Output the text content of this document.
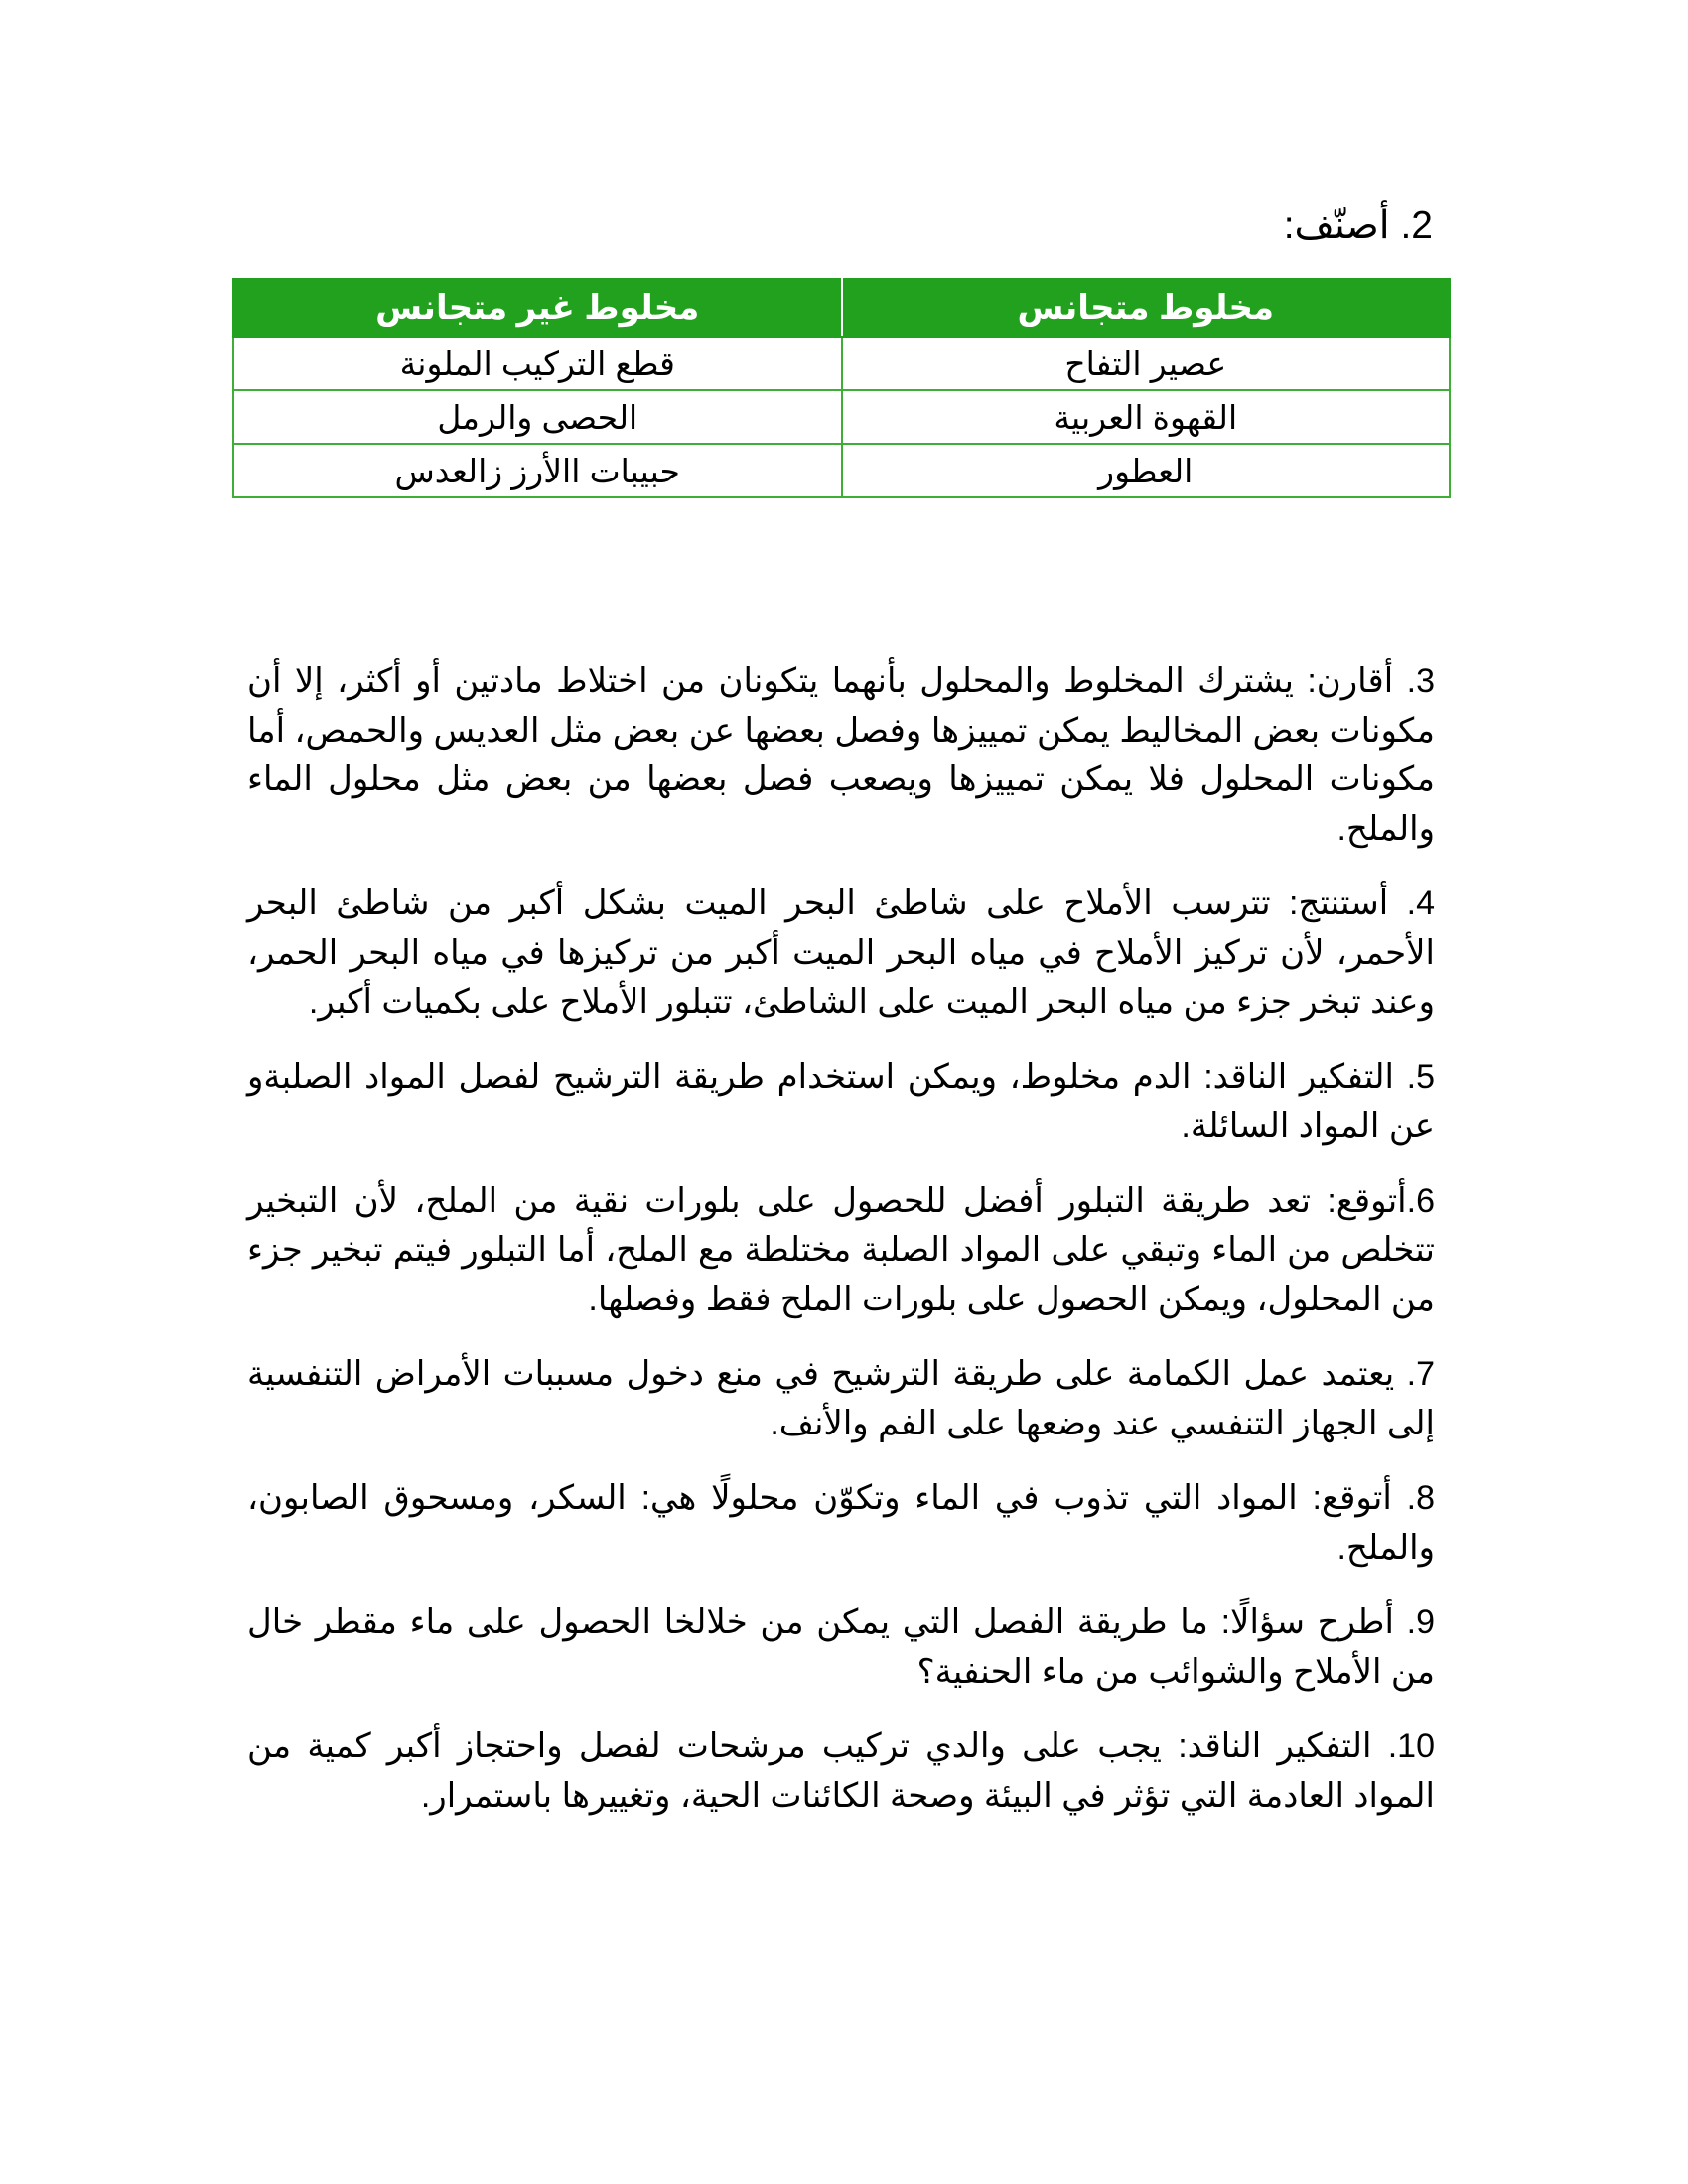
2. أصنّف:
مخلوط متجانس	مخلوط غير متجانس
عصير التفاح	قطع التركيب الملونة
القهوة العربية	الحصى والرمل
العطور	حبيبات االأرز زالعدس

3. أقارن: يشترك المخلوط والمحلول بأنهما يتكونان من اختلاط مادتين أو أكثر، إلا أن مكونات بعض المخاليط يمكن تمييزها وفصل بعضها عن بعض مثل العديس والحمص، أما مكونات المحلول فلا يمكن تمييزها ويصعب فصل بعضها من بعض مثل محلول الماء والملح.

4. أستنتج: تترسب الأملاح على شاطئ البحر الميت بشكل أكبر من شاطئ البحر الأحمر، لأن تركيز الأملاح في مياه البحر الميت أكبر من تركيزها في مياه البحر الحمر، وعند تبخر جزء من مياه البحر الميت على الشاطئ، تتبلور الأملاح على بكميات أكبر.

5. التفكير الناقد: الدم مخلوط، ويمكن استخدام طريقة الترشيح لفصل المواد الصلبةو عن المواد السائلة.

6.أتوقع: تعد طريقة التبلور أفضل للحصول على بلورات نقية من الملح، لأن التبخير تتخلص من الماء وتبقي على المواد الصلبة مختلطة مع الملح، أما التبلور فيتم تبخير جزء من المحلول، ويمكن الحصول على بلورات الملح فقط وفصلها.

7. يعتمد عمل الكمامة على طريقة الترشيح في منع دخول مسببات الأمراض التنفسية إلى الجهاز التنفسي عند وضعها على الفم والأنف.

8. أتوقع: المواد التي تذوب في الماء وتكوّن محلولًا هي: السكر، ومسحوق الصابون، والملح.

9. أطرح سؤالًا: ما طريقة الفصل التي يمكن من خلالخا الحصول على ماء مقطر خال من الأملاح والشوائب من ماء الحنفية؟

10. التفكير الناقد: يجب على والدي تركيب مرشحات لفصل واحتجاز أكبر كمية من المواد العادمة التي تؤثر في البيئة وصحة الكائنات الحية، وتغييرها باستمرار.
